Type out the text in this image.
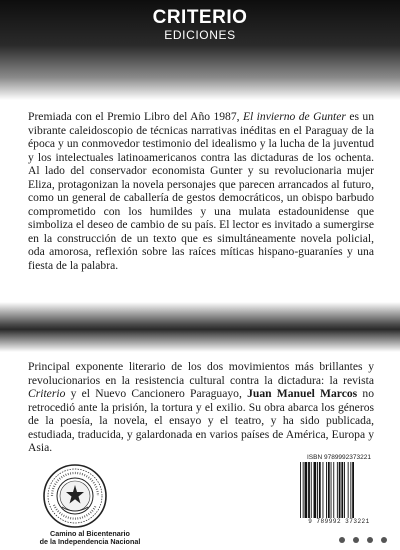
CRITERIO
EDICIONES

Premiada con el Premio Libro del Año 1987, El invierno de Gunter es un vibrante caleidoscopio de técnicas narrativas inéditas en el Paraguay de la época y un conmovedor testimonio del idealismo y la lucha de la juventud y los intelectuales latinoamericanos contra las dictaduras de los ochenta. Al lado del conservador economista Gunter y su revolucionaria mujer Eliza, protagonizan la novela personajes que parecen arrancados al futuro, como un general de caballería de gestos democráticos, un obispo barbudo comprometido con los humildes y una mulata estadounidense que simboliza el deseo de cambio de su país. El lector es invitado a sumergirse en la construcción de un texto que es simultáneamente novela policial, oda amorosa, reflexión sobre las raíces míticas hispano-guaraníes y una fiesta de la palabra.

Principal exponente literario de los dos movimientos más brillantes y revolucionarios en la resistencia cultural contra la dictadura: la revista Criterio y el Nuevo Cancionero Paraguayo, Juan Manuel Marcos no retrocedió ante la prisión, la tortura y el exilio. Su obra abarca los géneros de la poesía, la novela, el ensayo y el teatro, y ha sido publicada, estudiada, traducida, y galardonada en varios países de América, Europa y Asia.

Camino al Bicentenario
de la Independencia Nacional
ISBN 9789992373221
9 789992 373221
